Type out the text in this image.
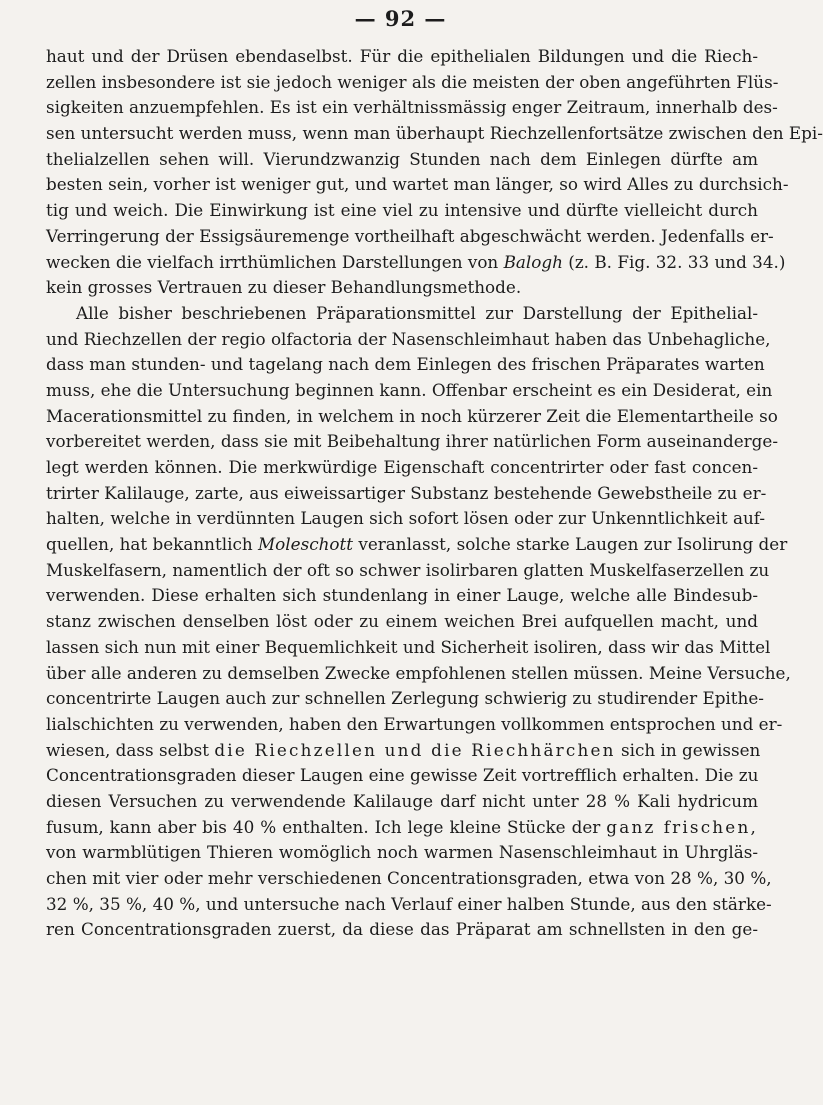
— 92 —
haut und der Drüsen ebendaselbst. Für die epithelialen Bildungen und die Riech-
zellen insbesondere ist sie jedoch weniger als die meisten der oben angeführten Flüs-
sigkeiten anzuempfehlen. Es ist ein verhältnissmässig enger Zeitraum, innerhalb des-
sen untersucht werden muss, wenn man überhaupt Riechzellenfortsätze zwischen den Epi-
thelialzellen sehen will. Vierundzwanzig Stunden nach dem Einlegen dürfte am
besten sein, vorher ist weniger gut, und wartet man länger, so wird Alles zu durchsich-
tig und weich. Die Einwirkung ist eine viel zu intensive und dürfte vielleicht durch
Verringerung der Essigsäuremenge vortheilhaft abgeschwächt werden. Jedenfalls er-
wecken die vielfach irrthümlichen Darstellungen von Balogh (z. B. Fig. 32. 33 und 34.)
kein grosses Vertrauen zu dieser Behandlungsmethode.
Alle bisher beschriebenen Präparationsmittel zur Darstellung der Epithelial-
und Riechzellen der regio olfactoria der Nasenschleimhaut haben das Unbehagliche,
dass man stunden- und tagelang nach dem Einlegen des frischen Präparates warten
muss, ehe die Untersuchung beginnen kann. Offenbar erscheint es ein Desiderat, ein
Macerationsmittel zu finden, in welchem in noch kürzerer Zeit die Elementartheile so
vorbereitet werden, dass sie mit Beibehaltung ihrer natürlichen Form auseinanderge-
legt werden können. Die merkwürdige Eigenschaft concentrirter oder fast concen-
trirter Kalilauge, zarte, aus eiweissartiger Substanz bestehende Gewebstheile zu er-
halten, welche in verdünnten Laugen sich sofort lösen oder zur Unkenntlichkeit auf-
quellen, hat bekanntlich Moleschott veranlasst, solche starke Laugen zur Isolirung der
Muskelfasern, namentlich der oft so schwer isolirbaren glatten Muskelfaserzellen zu
verwenden. Diese erhalten sich stundenlang in einer Lauge, welche alle Bindesub-
stanz zwischen denselben löst oder zu einem weichen Brei aufquellen macht, und
lassen sich nun mit einer Bequemlichkeit und Sicherheit isoliren, dass wir das Mittel
über alle anderen zu demselben Zwecke empfohlenen stellen müssen. Meine Versuche,
concentrirte Laugen auch zur schnellen Zerlegung schwierig zu studirender Epithe-
lialschichten zu verwenden, haben den Erwartungen vollkommen entsprochen und er-
wiesen, dass selbst die Riechzellen und die Riechhärchen sich in gewissen
Concentrationsgraden dieser Laugen eine gewisse Zeit vortrefflich erhalten. Die zu
diesen Versuchen zu verwendende Kalilauge darf nicht unter 28 % Kali hydricum
fusum, kann aber bis 40 % enthalten. Ich lege kleine Stücke der ganz frischen,
von warmblütigen Thieren womöglich noch warmen Nasenschleimhaut in Uhrgläs-
chen mit vier oder mehr verschiedenen Concentrationsgraden, etwa von 28 %, 30 %,
32 %, 35 %, 40 %, und untersuche nach Verlauf einer halben Stunde, aus den stärke-
ren Concentrationsgraden zuerst, da diese das Präparat am schnellsten in den ge-
